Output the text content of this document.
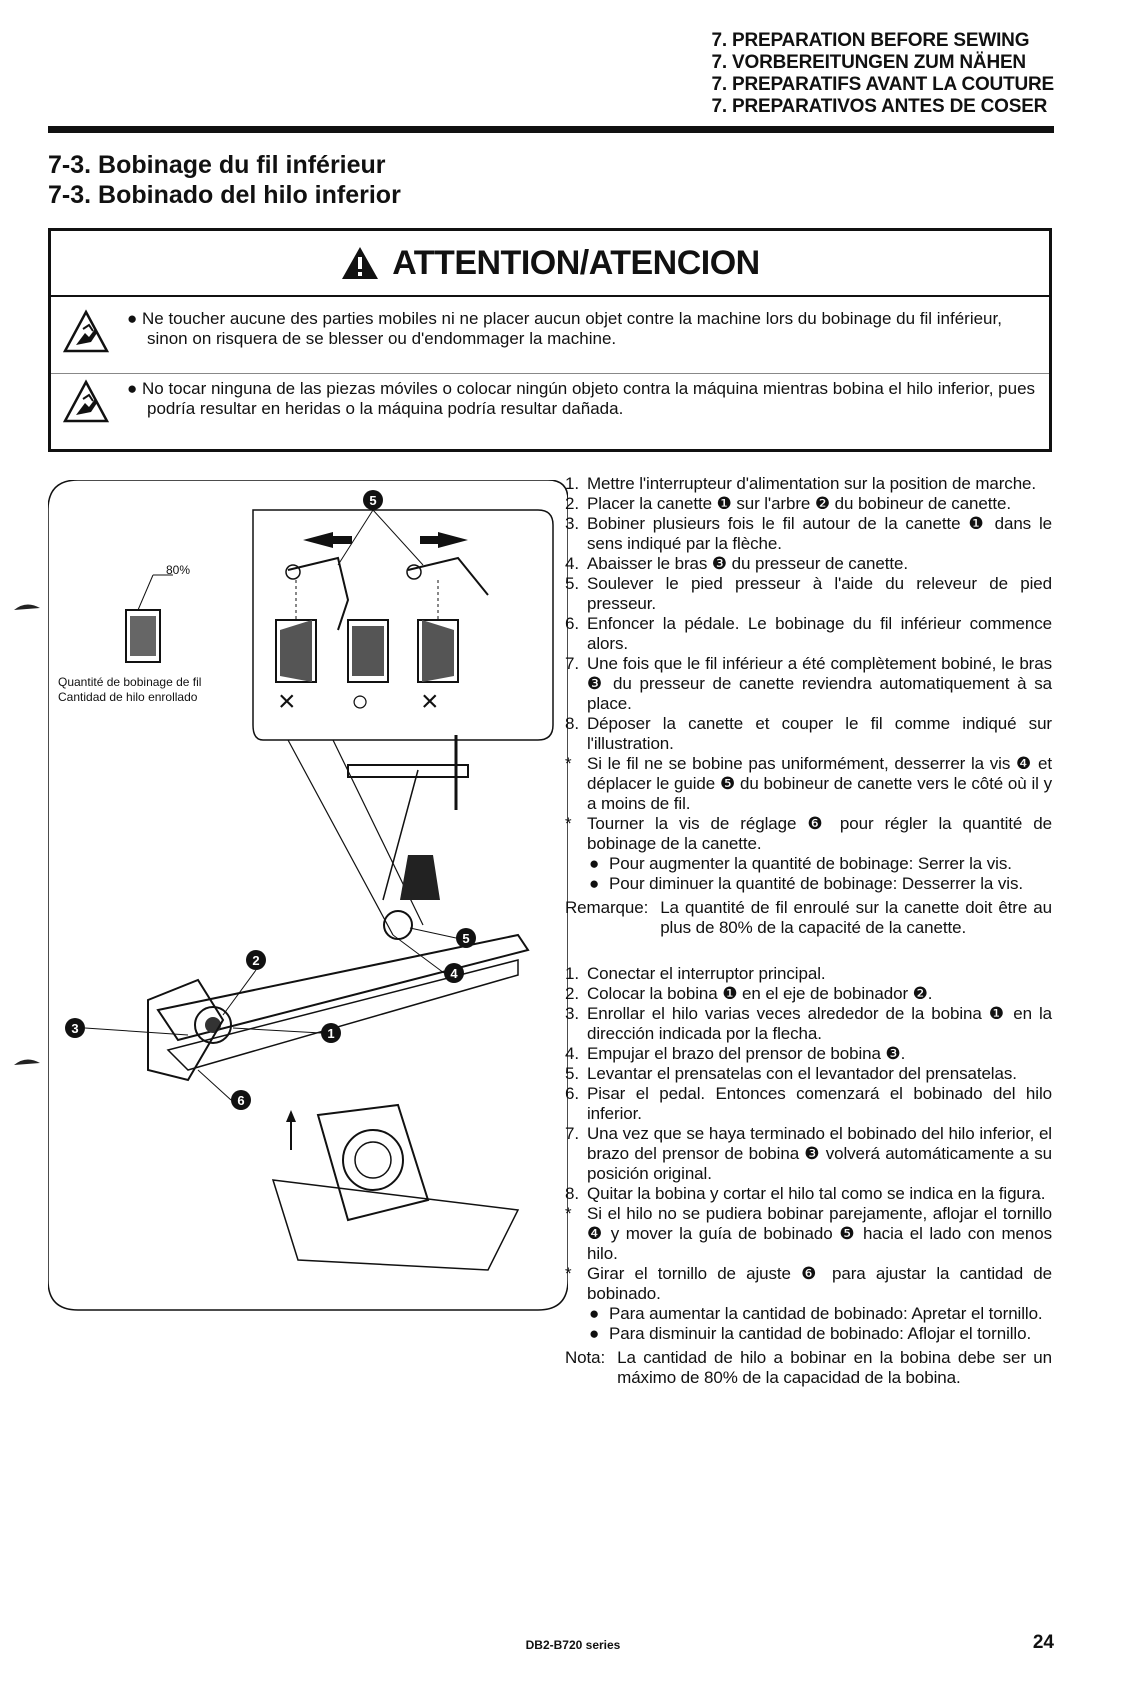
7. PREPARATION BEFORE SEWING
7. VORBEREITUNGEN ZUM NÄHEN
7. PREPARATIFS AVANT LA COUTURE
7. PREPARATIVOS ANTES DE COSER
7-3. Bobinage du fil inférieur
7-3. Bobinado del hilo inferior
ATTENTION/ATENCION
● Ne toucher aucune des parties mobiles ni ne placer aucun objet contre la machine lors du bobinage du fil inférieur, sinon on risquera de se blesser ou d'endommager la machine.
● No tocar ninguna de las piezas móviles o colocar ningún objeto contra la máquina mientras bobina el hilo inferior, pues podría resultar en heridas o la máquina podría resultar dañada.
5
2
5
4
3	1
6
80%
Quantité de bobinage de fil
Cantidad de hilo enrollado	× ○ ×
1. Mettre l'interrupteur d'alimentation sur la position de marche.
2. Placer la canette ❶ sur l'arbre ❷ du bobineur de canette.
3. Bobiner plusieurs fois le fil autour de la canette ❶ dans le sens indiqué par la flèche.
4. Abaisser le bras ❸ du presseur de canette.
5. Soulever le pied presseur à l'aide du releveur de pied presseur.
6. Enfoncer la pédale. Le bobinage du fil inférieur commence alors.
7. Une fois que le fil inférieur a été complètement bobiné, le bras ❸ du presseur de canette reviendra automatiquement à sa place.
8. Déposer la canette et couper le fil comme indiqué sur l'illustration.
* Si le fil ne se bobine pas uniformément, desserrer la vis ❹ et déplacer le guide ❺ du bobineur de canette vers le côté où il y a moins de fil.
* Tourner la vis de réglage ❻ pour régler la quantité de bobinage de la canette.
● Pour augmenter la quantité de bobinage: Serrer la vis.
● Pour diminuer la quantité de bobinage: Desserrer la vis.
Remarque: La quantité de fil enroulé sur la canette doit être au plus de 80% de la capacité de la canette.
1. Conectar el interruptor principal.
2. Colocar la bobina ❶ en el eje de bobinador ❷.
3. Enrollar el hilo varias veces alrededor de la bobina ❶ en la dirección indicada por la flecha.
4. Empujar el brazo del prensor de bobina ❸.
5. Levantar el prensatelas con el levantador del prensatelas.
6. Pisar el pedal. Entonces comenzará el bobinado del hilo inferior.
7. Una vez que se haya terminado el bobinado del hilo inferior, el brazo del prensor de bobina ❸ volverá automáticamente a su posición original.
8. Quitar la bobina y cortar el hilo tal como se indica en la figura.
* Si el hilo no se pudiera bobinar parejamente, aflojar el tornillo ❹ y mover la guía de bobinado ❺ hacia el lado con menos hilo.
* Girar el tornillo de ajuste ❻ para ajustar la cantidad de bobinado.
● Para aumentar la cantidad de bobinado: Apretar el tornillo.
● Para disminuir la cantidad de bobinado: Aflojar el tornillo.
Nota: La cantidad de hilo a bobinar en la bobina debe ser un máximo de 80% de la capacidad de la bobina.
DB2-B720 series	24
